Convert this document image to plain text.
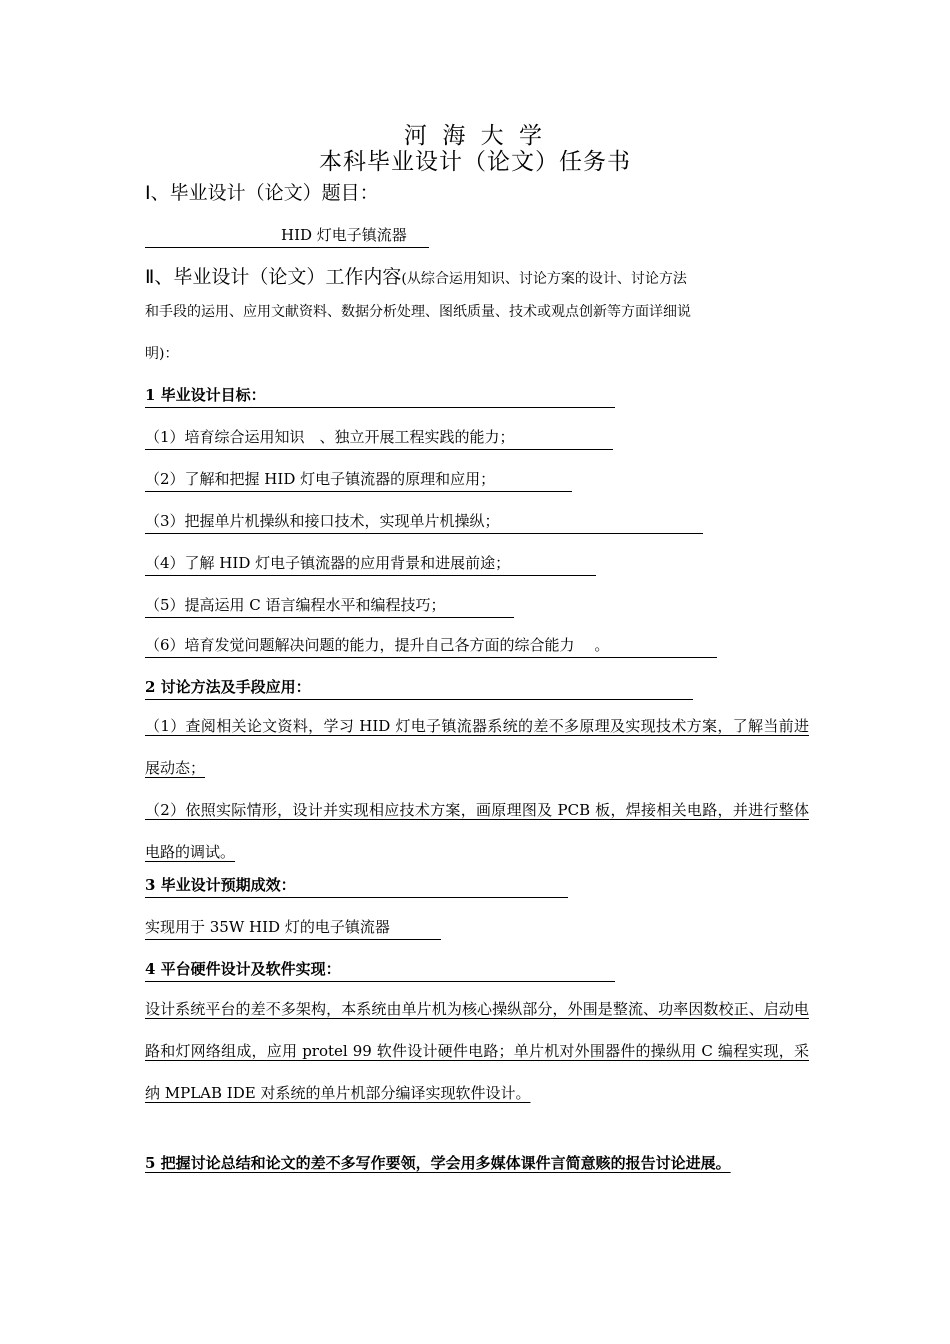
河 海 大 学
本科毕业设计（论文）任务书
Ⅰ、毕业设计（论文）题目：
HID 灯电子镇流器
Ⅱ、毕业设计（论文）工作内容(从综合运用知识、讨论方案的设计、讨论方法
和手段的运用、应用文献资料、数据分析处理、图纸质量、技术或观点创新等方面详细说
明)：
1 毕业设计目标：
（1）培育综合运用知识　、独立开展工程实践的能力；
（2）了解和把握 HID 灯电子镇流器的原理和应用；
（3）把握单片机操纵和接口技术，实现单片机操纵；
（4）了解 HID 灯电子镇流器的应用背景和进展前途；
（5）提高运用 C 语言编程水平和编程技巧；
（6）培育发觉问题解决问题的能力，提升自己各方面的综合能力 　。
2 讨论方法及手段应用：
（1）查阅相关论文资料，学习 HID 灯电子镇流器系统的差不多原理及实现技术方案，了解当前进展动态；
（2）依照实际情形，设计并实现相应技术方案，画原理图及 PCB 板，焊接相关电路，并进行整体电路的调试。
3 毕业设计预期成效：
实现用于 35W HID 灯的电子镇流器
4 平台硬件设计及软件实现：
设计系统平台的差不多架构，本系统由单片机为核心操纵部分，外围是整流、功率因数校正、启动电路和灯网络组成，应用 protel 99 软件设计硬件电路；单片机对外围器件的操纵用 C 编程实现，采纳 MPLAB IDE 对系统的单片机部分编译实现软件设计。
5 把握讨论总结和论文的差不多写作要领，学会用多媒体课件言简意赅的报告讨论进展。
